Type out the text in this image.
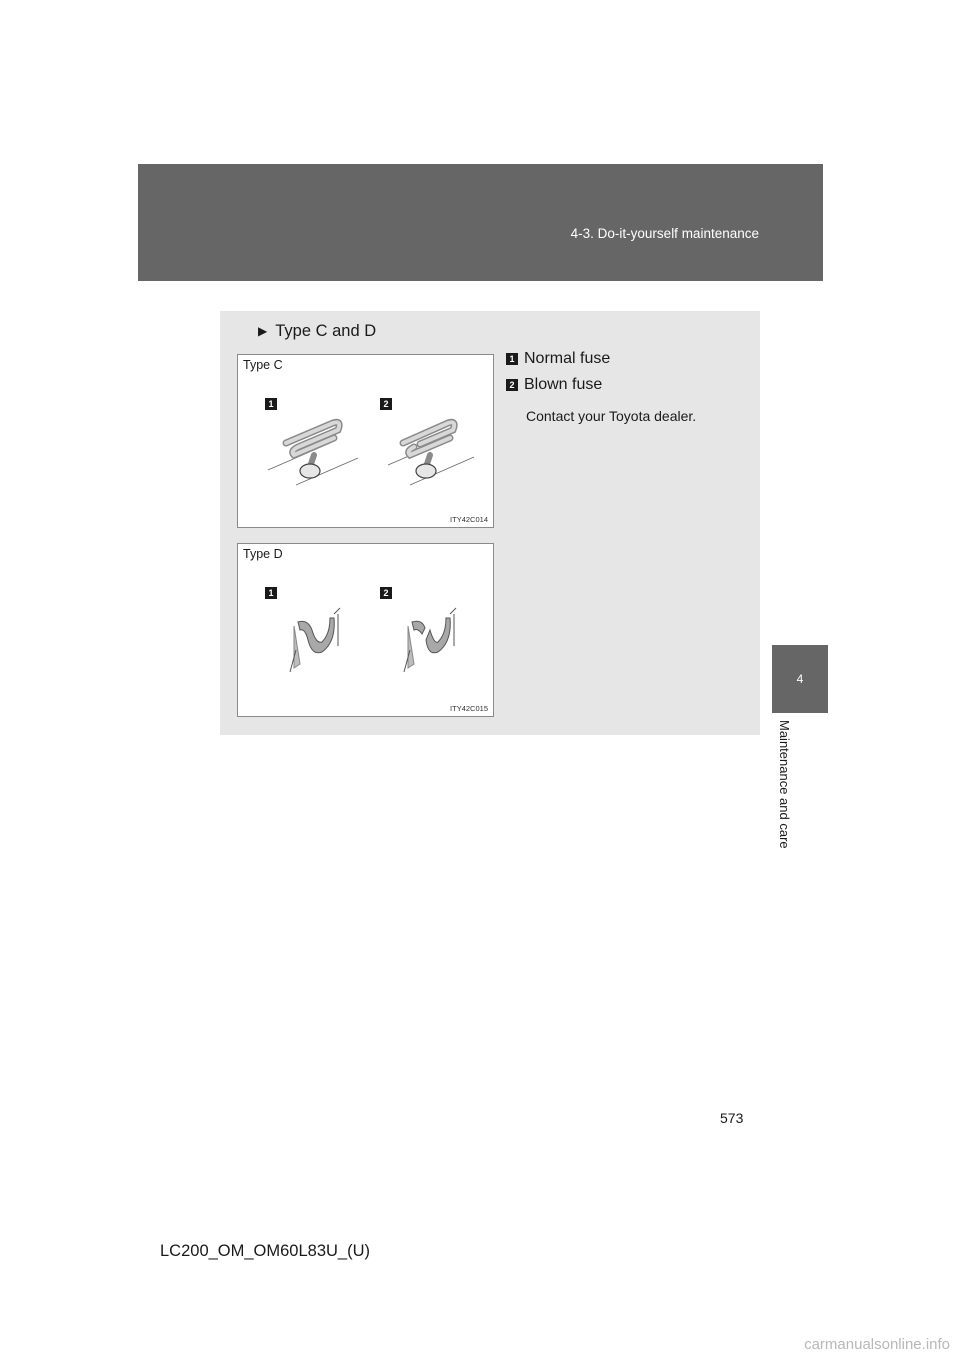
4-3. Do-it-yourself maintenance
4
Maintenance and care
▶ Type C and D
Type C
1	2
ITY42C014
Type D
1	2
ITY42C015
1 Normal fuse
2 Blown fuse
Contact your Toyota dealer.
573
LC200_OM_OM60L83U_(U)
carmanualsonline.info
